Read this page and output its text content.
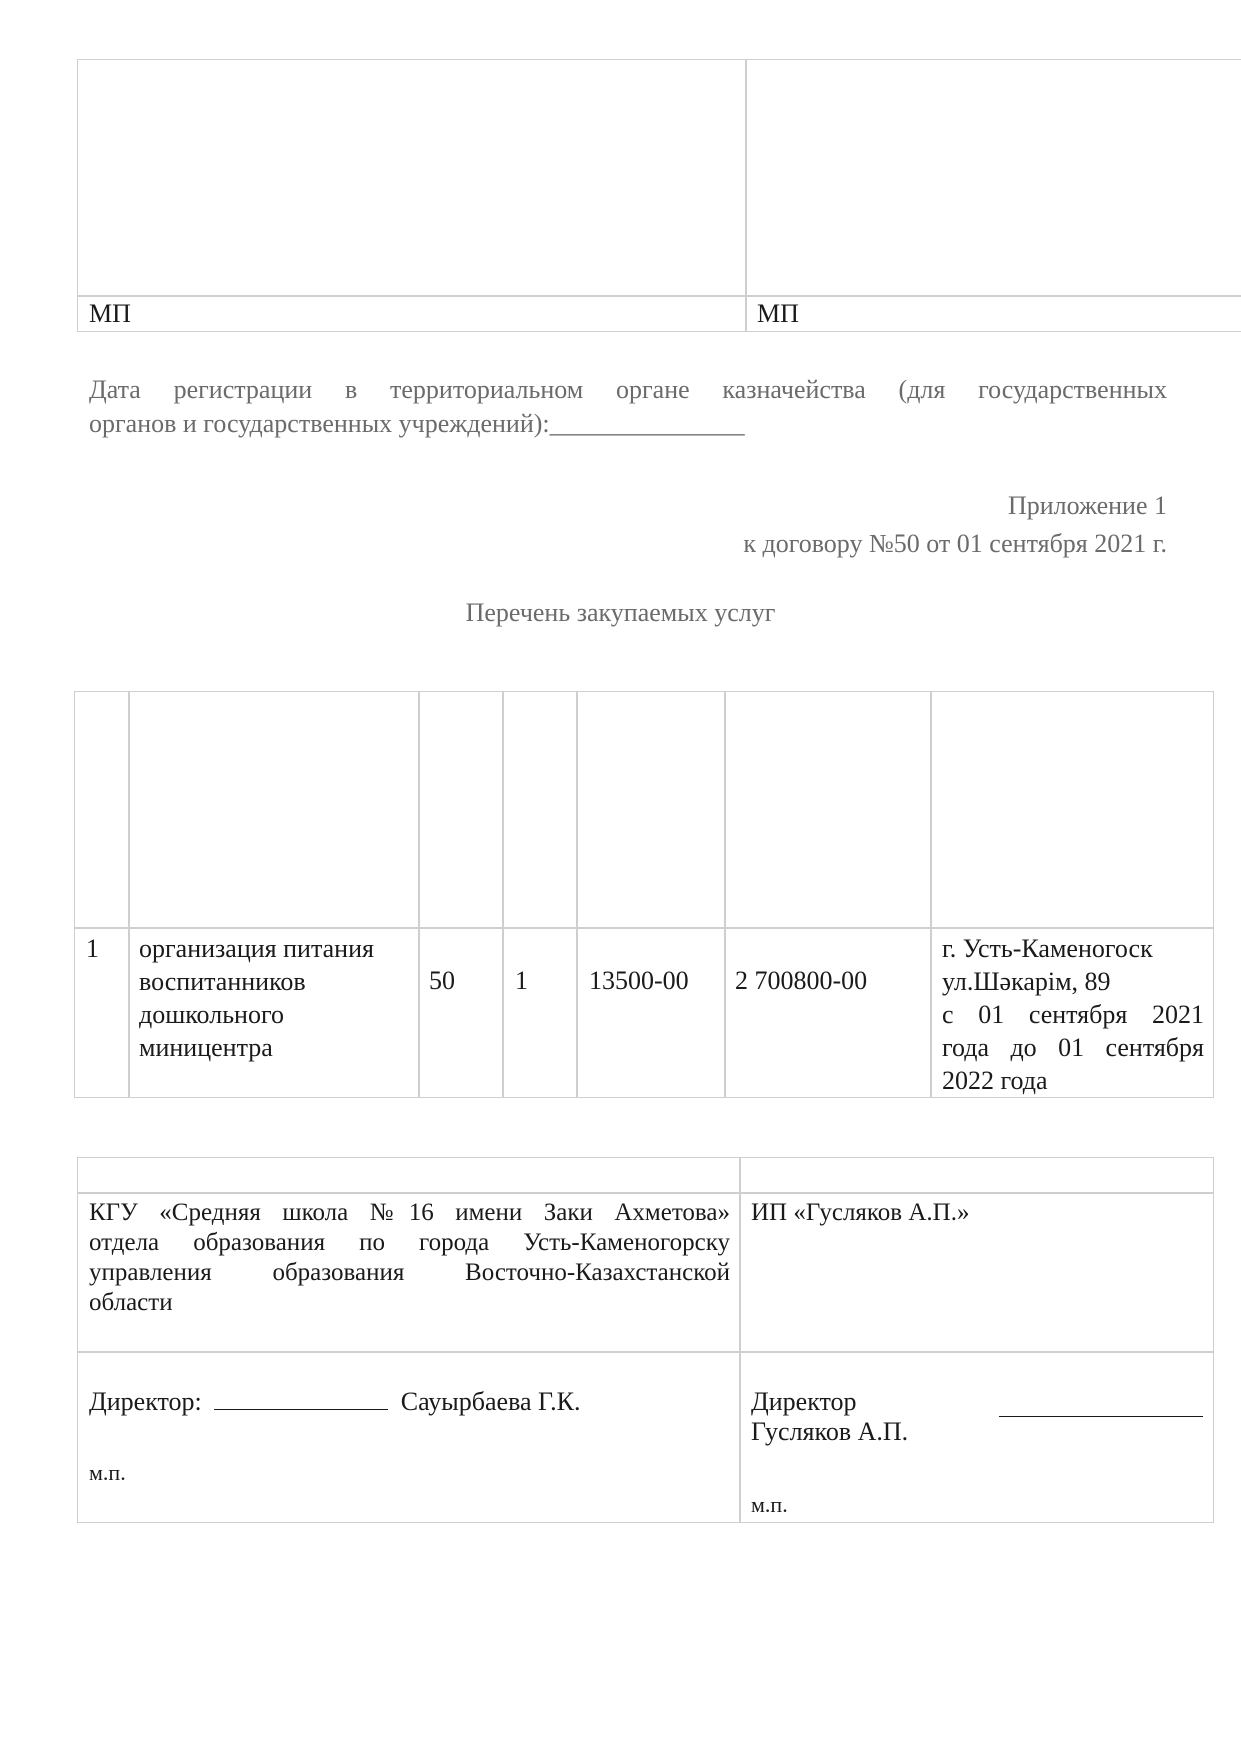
МП	МП
Дата регистрации в территориальном органе казначейства (для государственных
органов и государственных учреждений):_______________
Приложение 1
к договору №50 от 01 сентября 2021 г.
Перечень закупаемых услуг
1 организация питания
воспитанников
дошкольного
миницентра
50 1 13500-00 2 700800-00
г. Усть-Каменогоск
ул.Шәкарім, 89
с 01 сентября 2021
года до 01 сентября
2022 года
КГУ «Средняя школа №16 имени Заки Ахметова»
отдела образования по города Усть-Каменогорску
управления образования Восточно-Казахстанской
области
ИП «Гусляков А.П.»
Директор:	Сауырбаева Г.К.
м.п.
Директор
Гусляков А.П.
м.п.
